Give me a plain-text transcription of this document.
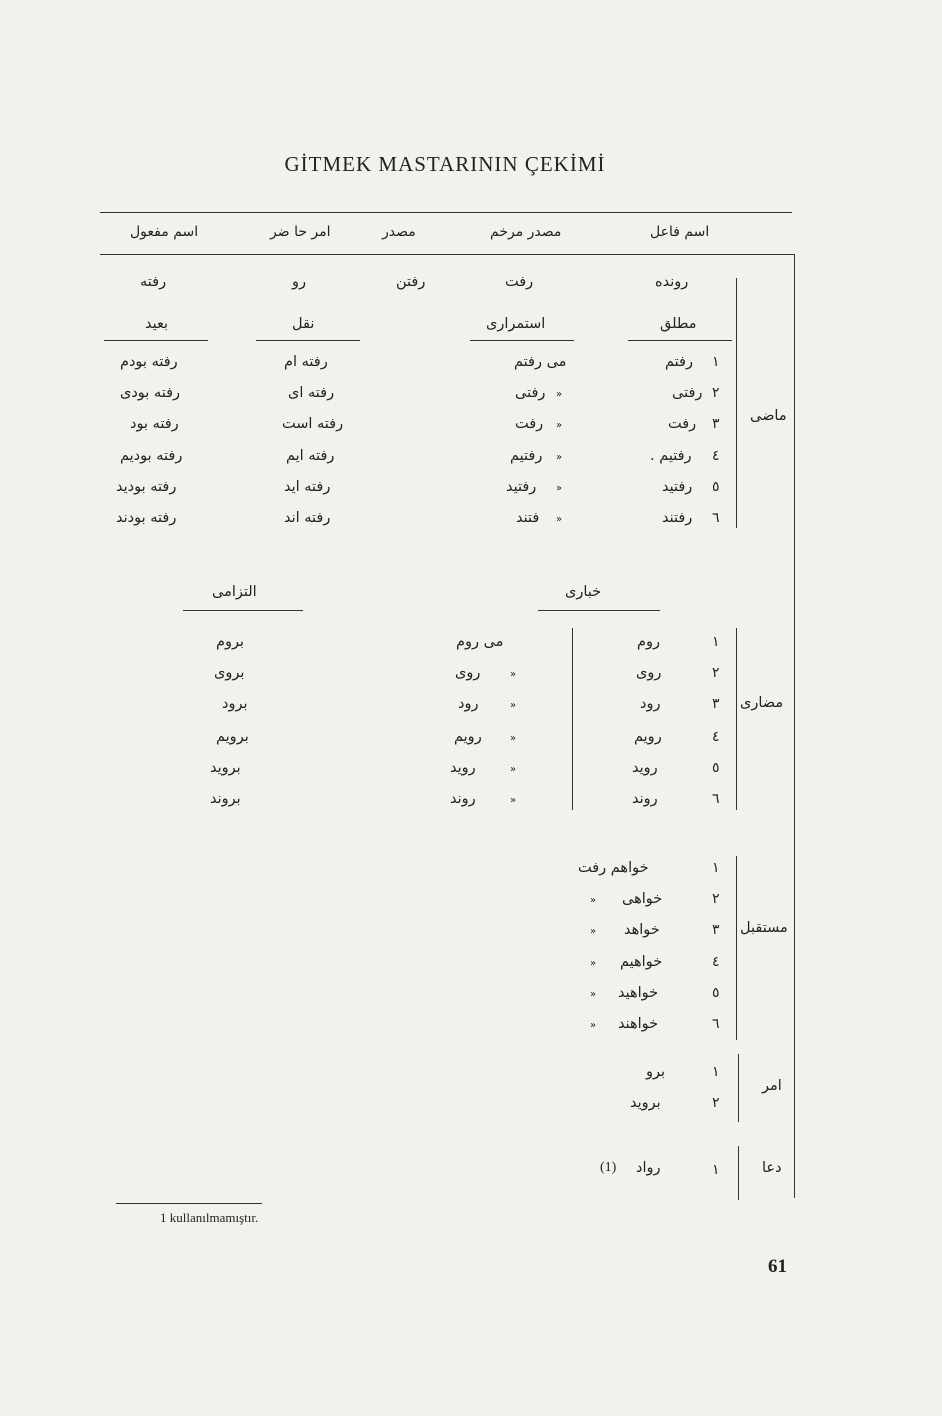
GİTMEK MASTARININ ÇEKİMİ
اسم فاعل
مصدر مرخم
مصدر
امر حا ضر
اسم مفعول
رونده
رفت
رفتن
رو
رفته
ماضى
مطلق
استمرارى
نقل
بعيد
١
رفتم
مى رفتم
رفته ام
رفته بودم
٢
رفتى
»
رفتى
رفته اى
رفته بودى
٣
رفت
»
رفت
رفته است
رفته بود
٤
رفتيم .
»
رفتيم
رفته ايم
رفته بوديم
٥
رفتيد
»
رفتيد
رفته ايد
رفته بوديد
٦
رفتند
»
فتند
رفته اند
رفته بودند
خبارى
التزامى
مضارى
١
روم
مى روم
بروم
٢
روى
»
روى
بروى
٣
رود
»
رود
برود
٤
رويم
»
رويم
برويم
٥
رويد
»
رويد
برويد
٦
روند
»
روند
بروند
مستقبل
١
خواهم رفت
٢
خواهى
»
٣
خواهد
»
٤
خواهيم
»
٥
خواهيد
»
٦
خواهند
»
امر
١
برو
٢
برويد
دعا
١
رواد
(1)
1 kullanılmamıştır.
61
